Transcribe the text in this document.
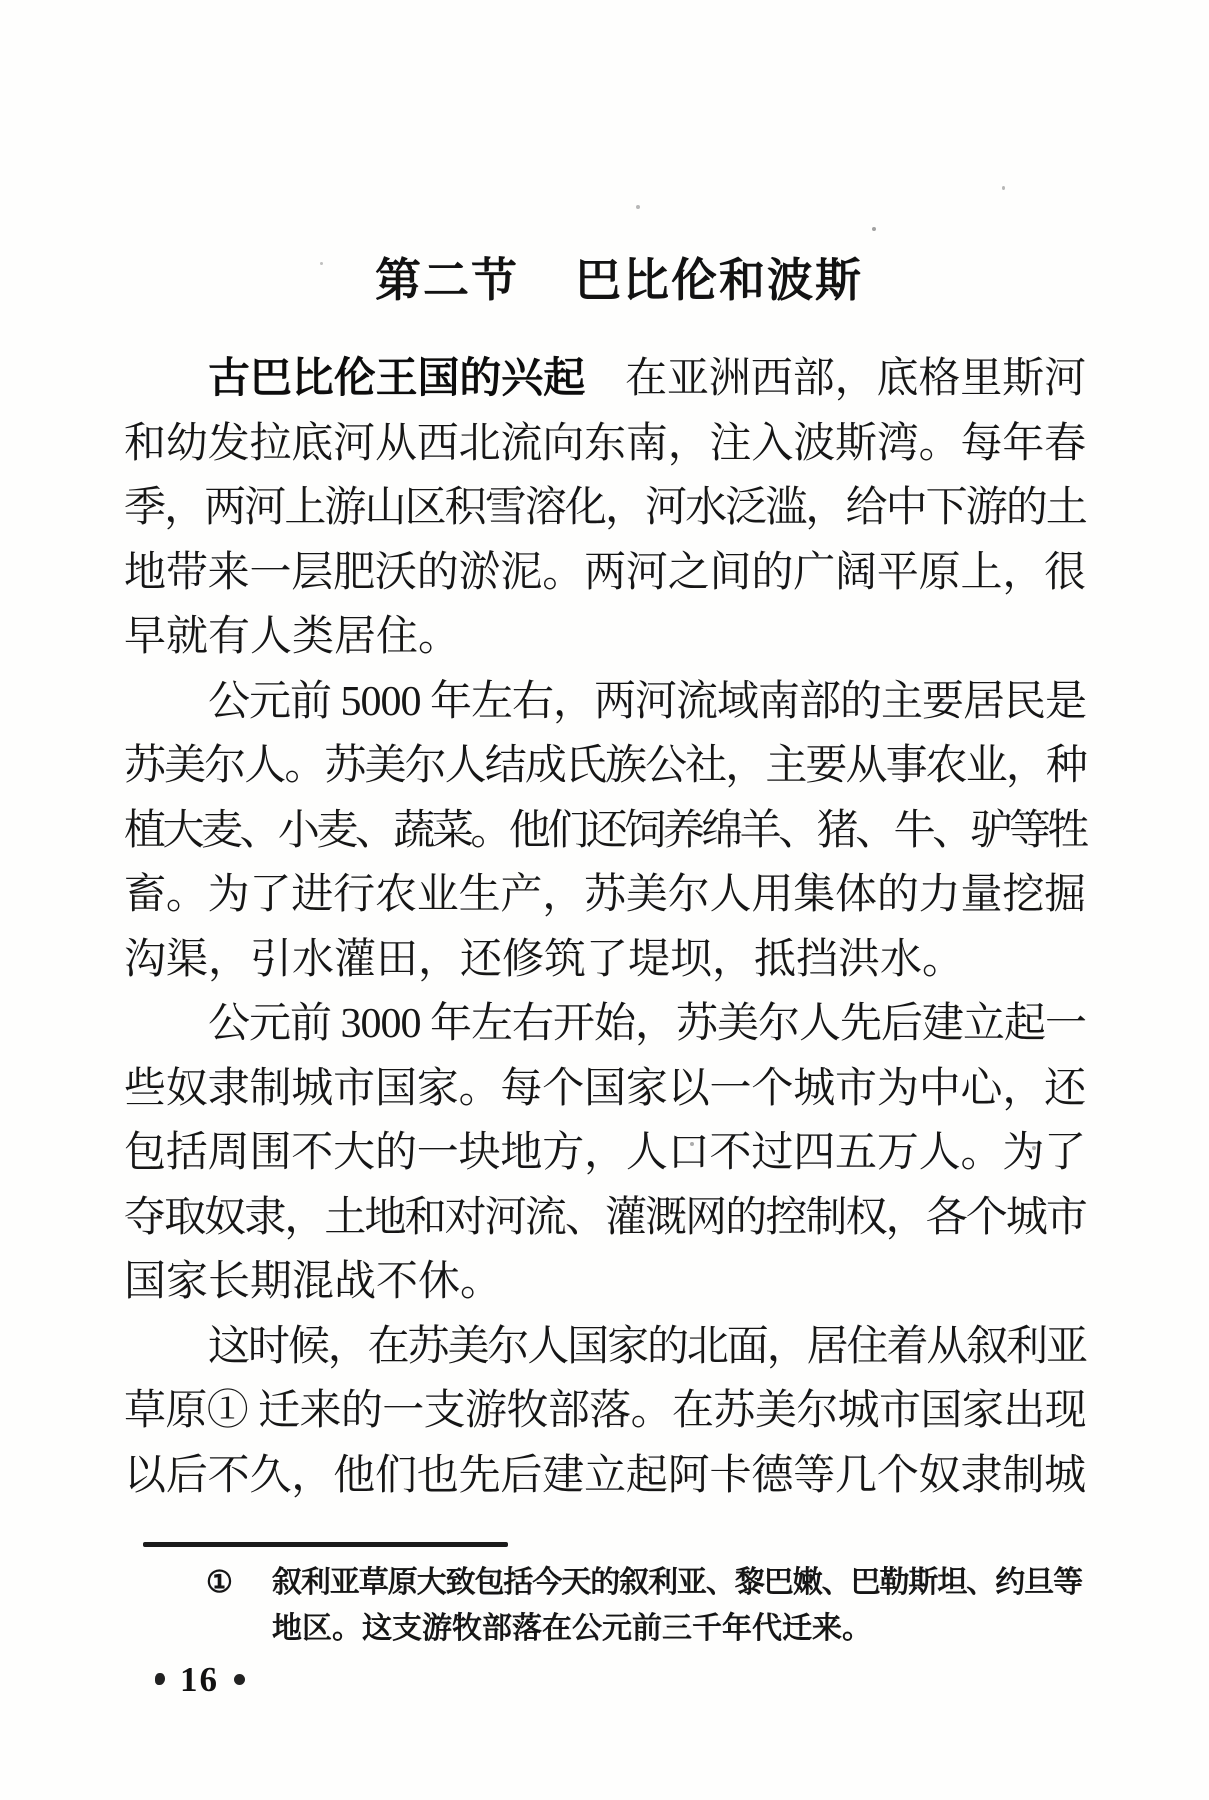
第二节 巴比伦和波斯
古巴比伦王国的兴起 在亚洲西部，底格里斯河
和幼发拉底河从西北流向东南，注入波斯湾。每年春
季，两河上游山区积雪溶化，河水泛滥，给中下游的土
地带来一层肥沃的淤泥。两河之间的广阔平原上，很
早就有人类居住。
公元前 5000 年左右，两河流域南部的主要居民是
苏美尔人。苏美尔人结成氏族公社，主要从事农业，种
植大麦、小麦、蔬菜。他们还饲养绵羊、猪、牛、驴等牲
畜。为了进行农业生产，苏美尔人用集体的力量挖掘
沟渠，引水灌田，还修筑了堤坝，抵挡洪水。
公元前 3000 年左右开始，苏美尔人先后建立起一
些奴隶制城市国家。每个国家以一个城市为中心，还
包括周围不大的一块地方，人口不过四五万人。为了
夺取奴隶，土地和对河流、灌溉网的控制权，各个城市
国家长期混战不休。
这时候，在苏美尔人国家的北面，居住着从叙利亚
草原① 迁来的一支游牧部落。在苏美尔城市国家出现
以后不久，他们也先后建立起阿卡德等几个奴隶制城
① 叙利亚草原大致包括今天的叙利亚、黎巴嫩、巴勒斯坦、约旦等
地区。这支游牧部落在公元前三千年代迁来。
16
